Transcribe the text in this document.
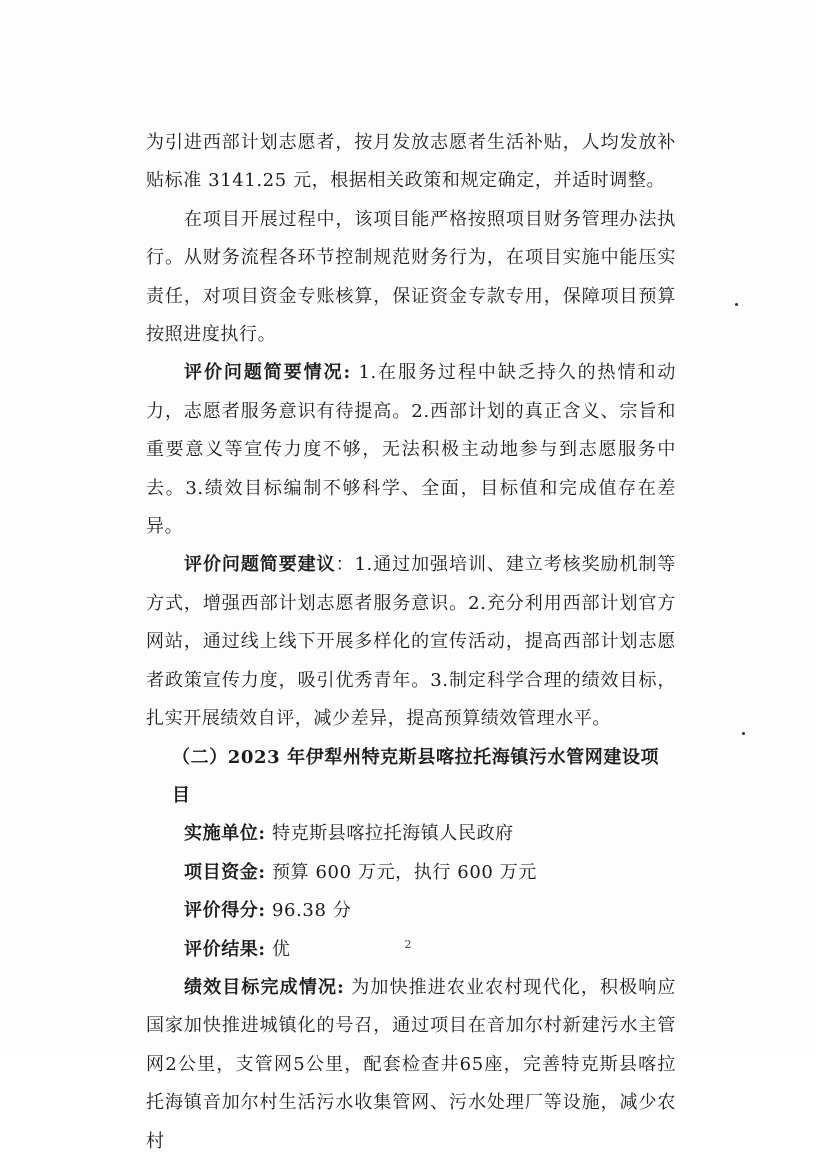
为引进西部计划志愿者，按月发放志愿者生活补贴，人均发放补贴标准 3141.25 元，根据相关政策和规定确定，并适时调整。

在项目开展过程中，该项目能严格按照项目财务管理办法执行。从财务流程各环节控制规范财务行为，在项目实施中能压实责任，对项目资金专账核算，保证资金专款专用，保障项目预算按照进度执行。

评价问题简要情况: 1.在服务过程中缺乏持久的热情和动力，志愿者服务意识有待提高。2.西部计划的真正含义、宗旨和重要意义等宣传力度不够，无法积极主动地参与到志愿服务中去。3.绩效目标编制不够科学、全面，目标值和完成值存在差异。

评价问题简要建议：1.通过加强培训、建立考核奖励机制等方式，增强西部计划志愿者服务意识。2.充分利用西部计划官方网站，通过线上线下开展多样化的宣传活动，提高西部计划志愿者政策宣传力度，吸引优秀青年。3.制定科学合理的绩效目标，扎实开展绩效自评，减少差异，提高预算绩效管理水平。

（二）2023 年伊犁州特克斯县喀拉托海镇污水管网建设项目

实施单位: 特克斯县喀拉托海镇人民政府

项目资金: 预算 600 万元，执行 600 万元

评价得分: 96.38 分

评价结果: 优

绩效目标完成情况: 为加快推进农业农村现代化，积极响应国家加快推进城镇化的号召，通过项目在音加尔村新建污水主管网2公里，支管网5公里，配套检查井65座，完善特克斯县喀拉托海镇音加尔村生活污水收集管网、污水处理厂等设施，减少农村

2
